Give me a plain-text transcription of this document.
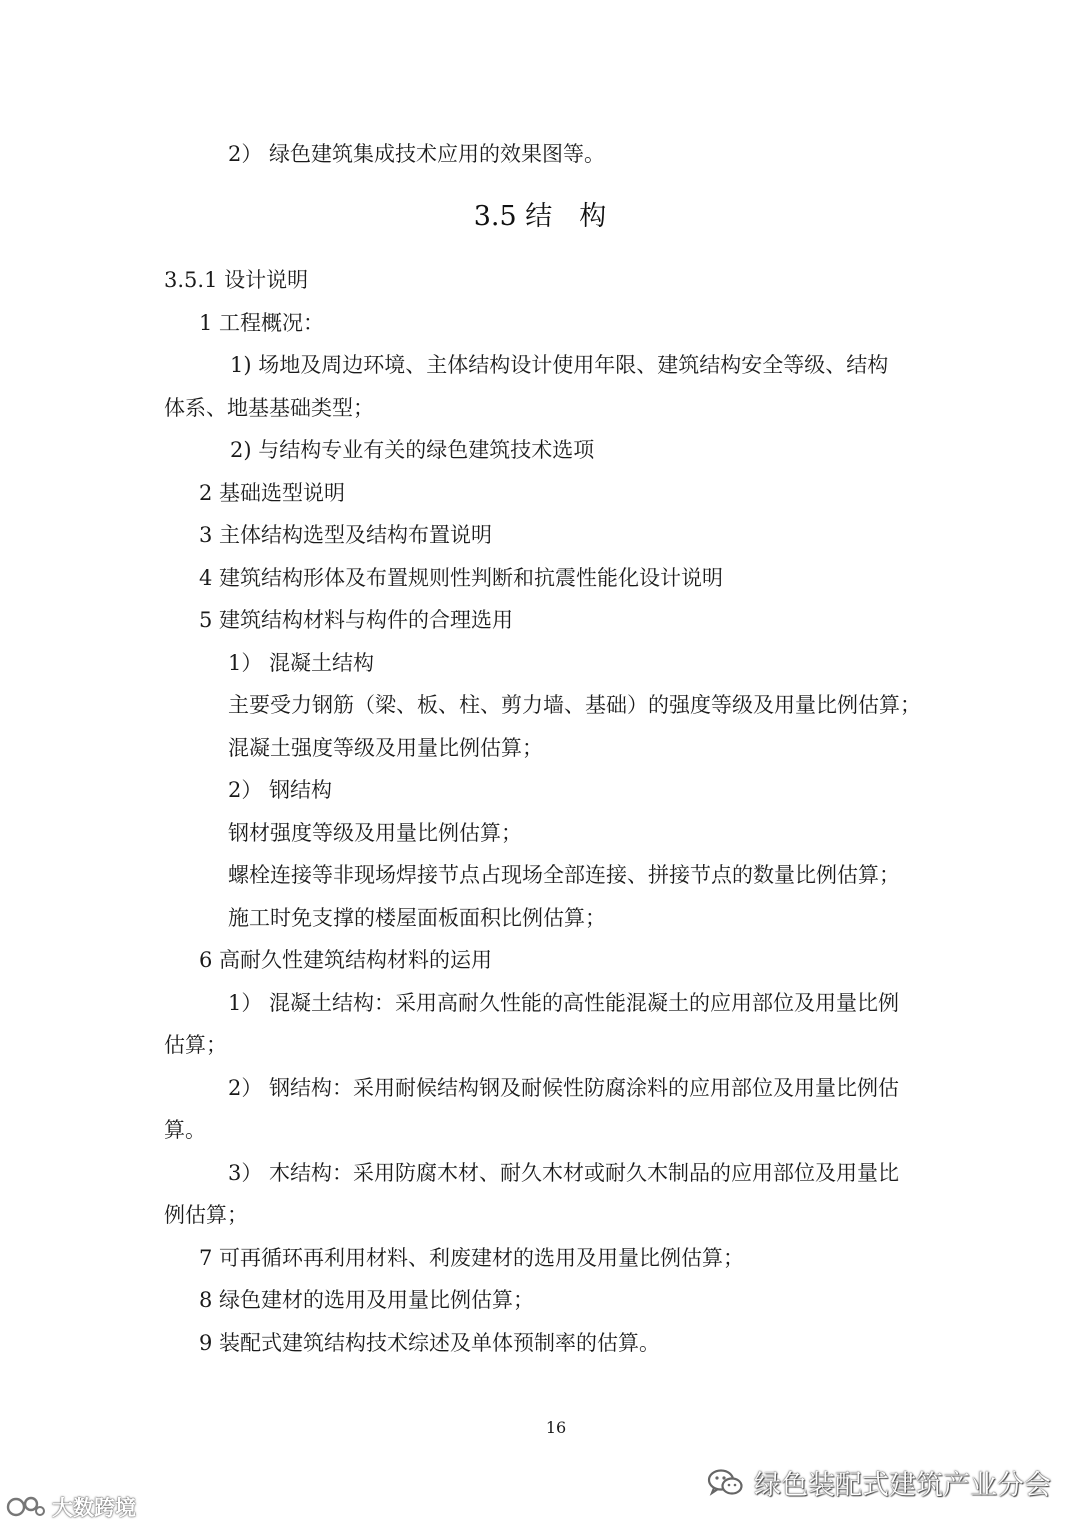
2） 绿色建筑集成技术应用的效果图等。
3.5 结　构
3.5.1 设计说明
1 工程概况：
1) 场地及周边环境、主体结构设计使用年限、建筑结构安全等级、结构
体系、地基基础类型；
2) 与结构专业有关的绿色建筑技术选项
2 基础选型说明
3 主体结构选型及结构布置说明
4 建筑结构形体及布置规则性判断和抗震性能化设计说明
5 建筑结构材料与构件的合理选用
1） 混凝土结构
主要受力钢筋（梁、板、柱、剪力墙、基础）的强度等级及用量比例估算；
混凝土强度等级及用量比例估算；
2） 钢结构
钢材强度等级及用量比例估算；
螺栓连接等非现场焊接节点占现场全部连接、拼接节点的数量比例估算；
施工时免支撑的楼屋面板面积比例估算；
6 高耐久性建筑结构材料的运用
1） 混凝土结构：采用高耐久性能的高性能混凝土的应用部位及用量比例
估算；
2） 钢结构：采用耐候结构钢及耐候性防腐涂料的应用部位及用量比例估
算。
3） 木结构：采用防腐木材、耐久木材或耐久木制品的应用部位及用量比
例估算；
7 可再循环再利用材料、利废建材的选用及用量比例估算；
8 绿色建材的选用及用量比例估算；
9 装配式建筑结构技术综述及单体预制率的估算。
16
绿色装配式建筑产业分会
大数跨境
